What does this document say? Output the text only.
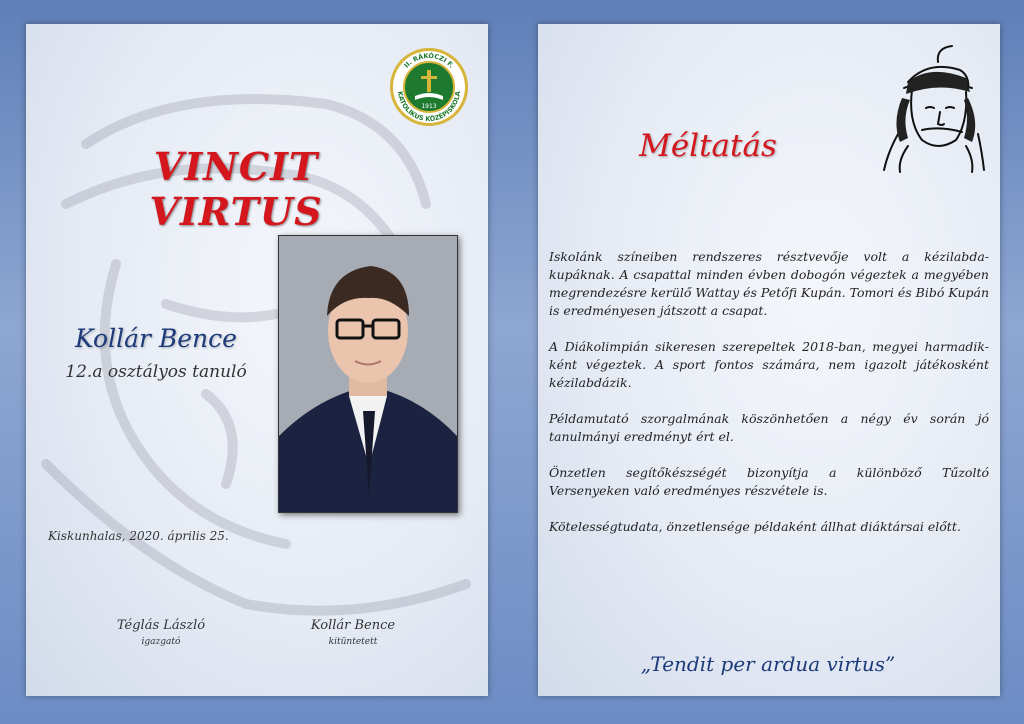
1913
II. RÁKÓCZI F.
KATOLIKUS KÖZÉPISKOLA
VINCIT VIRTUS
Kollár Bence
12.a osztályos tanuló
Kiskunhalas, 2020. április 25.
Téglás László
igazgató
Kollár Bence
kitüntetett
Méltatás

Iskolánk színeiben rendszeres résztvevője volt a kézilabda-kupáknak. A csapattal minden évben dobogón végeztek a megyében megrendezésre kerülő Wattay és Petőfi Kupán. Tomori és Bibó Kupán is eredményesen játszott a csapat.

A Diákolimpián sikeresen szerepeltek 2018-ban, megyei harmadik-ként végeztek. A sport fontos számára, nem igazolt játékosként kézilabdázik.

Példamutató szorgalmának köszönhetően a négy év során jó tanulmányi eredményt ért el.

Önzetlen segítőkészségét bizonyítja a különböző Tűzoltó Versenyeken való eredményes részvétele is.

Kötelességtudata, önzetlensége példaként állhat diáktársai előtt.

„Tendit per ardua virtus”
